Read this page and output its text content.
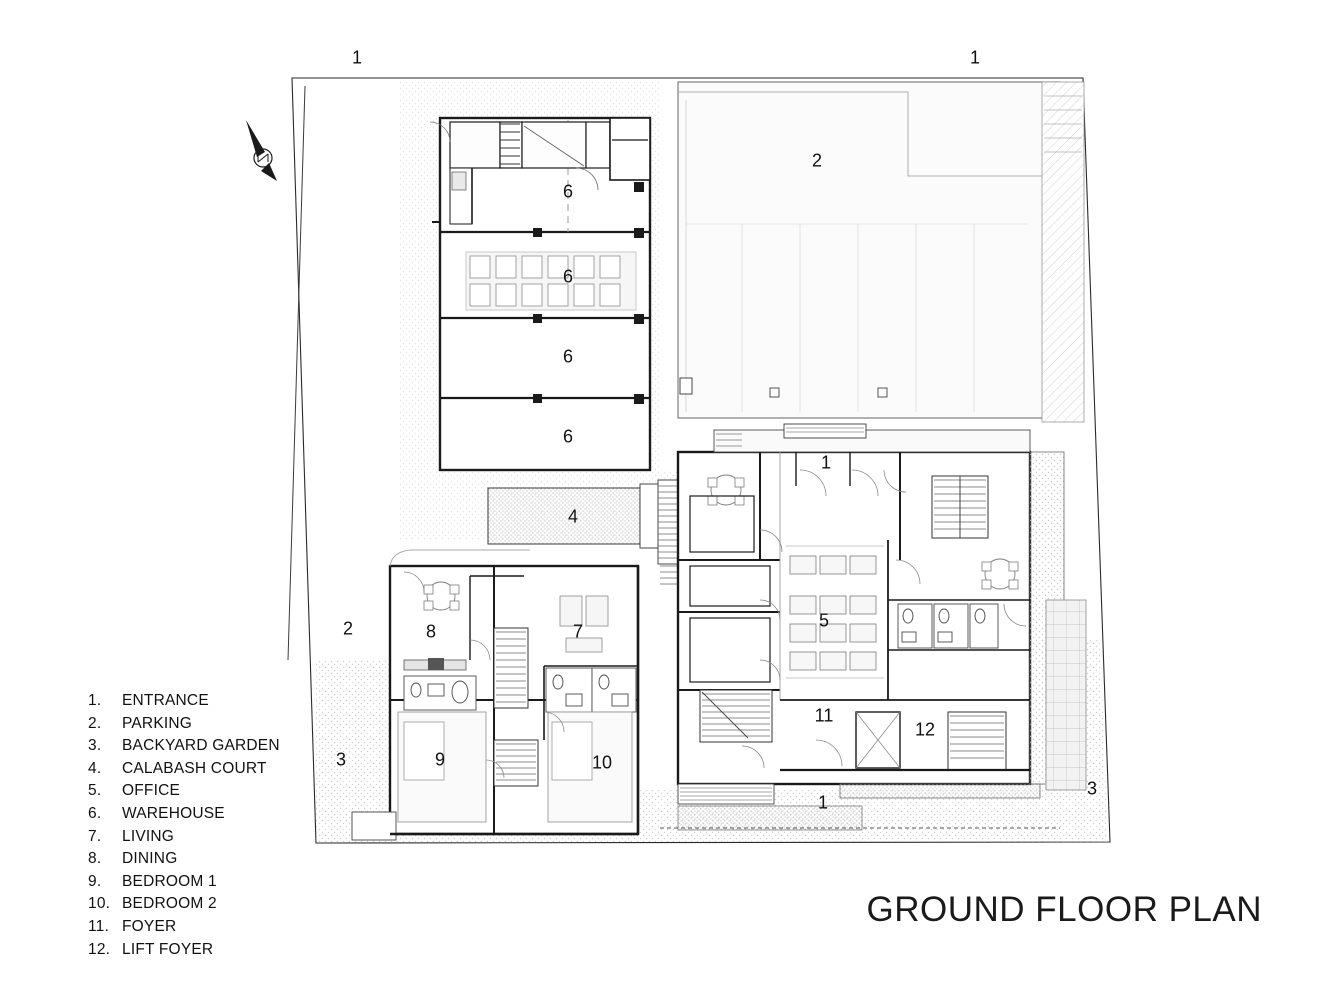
1	1
2
6
6
6
6
4
1
2	8	7
5
3	9	10
11
12
1
3
1.	ENTRANCE
2.	PARKING
3.	BACKYARD GARDEN
4.	CALABASH COURT
5.	OFFICE
6.	WAREHOUSE
7.	LIVING
8.	DINING
9.	BEDROOM 1
10. BEDROOM 2
11. FOYER
12. LIFT FOYER
GROUND FLOOR PLAN
